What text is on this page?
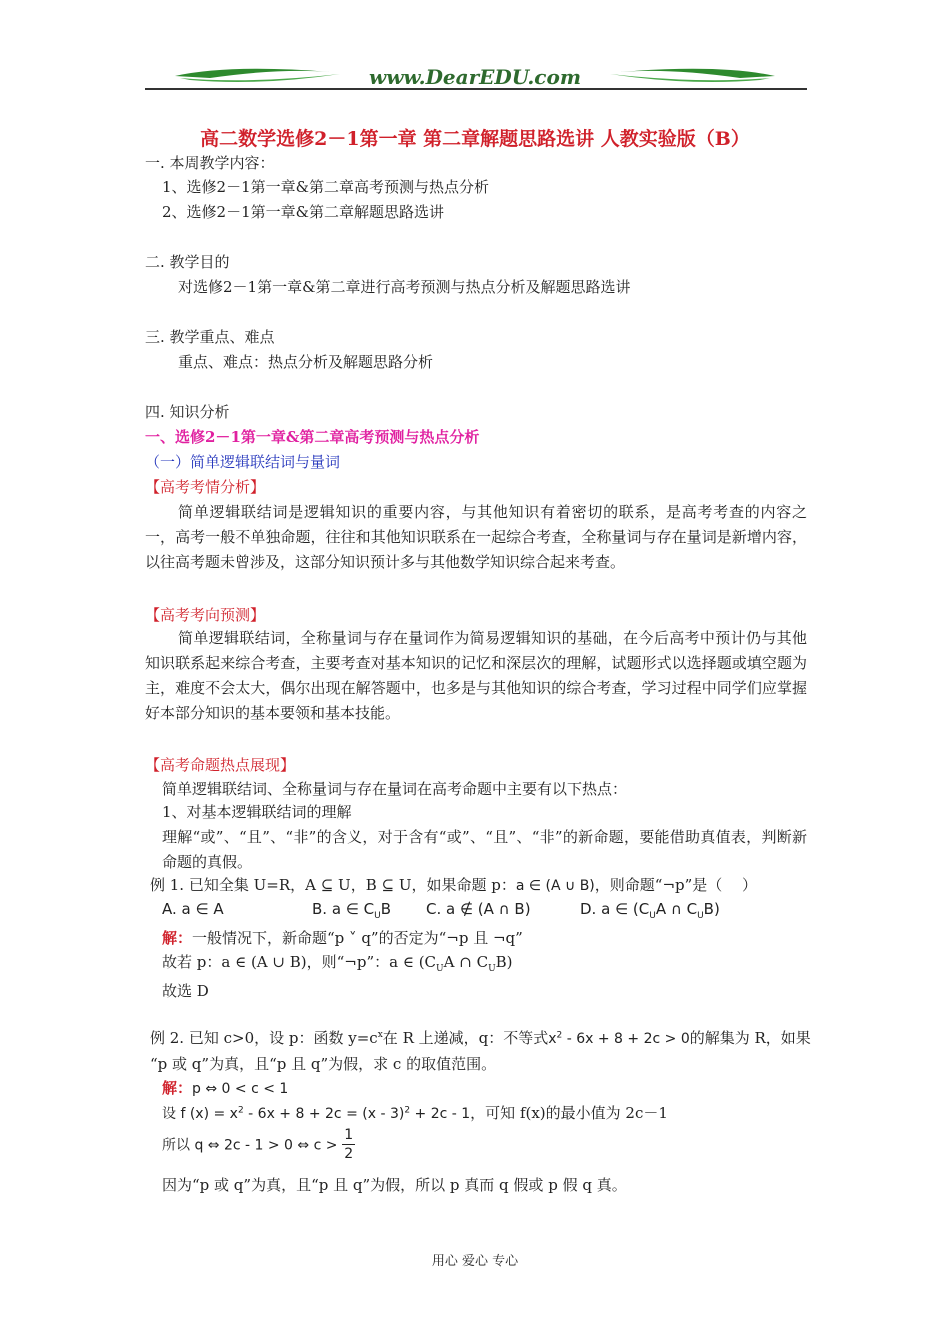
www.DearEDU.com
高二数学选修2－1第一章 第二章解题思路选讲 人教实验版（B）
一. 本周教学内容：
1、选修2－1第一章&第二章高考预测与热点分析
2、选修2－1第一章&第二章解题思路选讲
二. 教学目的
对选修2－1第一章&第二章进行高考预测与热点分析及解题思路选讲
三. 教学重点、难点
重点、难点：热点分析及解题思路分析
四. 知识分析
一、选修2－1第一章&第二章高考预测与热点分析
（一）简单逻辑联结词与量词
【高考考情分析】
简单逻辑联结词是逻辑知识的重要内容，与其他知识有着密切的联系，是高考考查的内容之一，高考一般不单独命题，往往和其他知识联系在一起综合考查，全称量词与存在量词是新增内容，以往高考题未曾涉及，这部分知识预计多与其他数学知识综合起来考查。
【高考考向预测】
简单逻辑联结词，全称量词与存在量词作为简易逻辑知识的基础，在今后高考中预计仍与其他知识联系起来综合考查，主要考查对基本知识的记忆和深层次的理解，试题形式以选择题或填空题为主，难度不会太大，偶尔出现在解答题中，也多是与其他知识的综合考查，学习过程中同学们应掌握好本部分知识的基本要领和基本技能。
【高考命题热点展现】
简单逻辑联结词、全称量词与存在量词在高考命题中主要有以下热点：
1、对基本逻辑联结词的理解
理解“或”、“且”、“非”的含义，对于含有“或”、“且”、“非”的新命题，要能借助真值表，判断新命题的真假。
例 1. 已知全集 U=R，A ⊆ U，B ⊆ U，如果命题 p：a ∈ (A ∪ B)，则命题“¬p”是（　 ）
A. a ∈ A	B. a ∈ $C_UB$ C. a ∉ (A ∩ B)	D. a ∈ ($C_UA$ ∩ $C_UB$)
解：一般情况下，新命题“p ˅ q”的否定为“¬p 且 ¬q”
故若 p：a ∈ (A ∪ B)，则“¬p”：a ∈ ($C_UA$ ∩ $C_UB$)
故选 D
例 2. 已知 c>0，设 p：函数 $y=c^x$在 R 上递减，q：不等式$x^2 - 6x + 8 + 2c > 0$的解集为 R，如果
“p 或 q”为真，且“p 且 q”为假，求 c 的取值范围。
解：p ⇔ 0 < c < 1
设 f $(x) = x^2 - 6x + 8 + 2c = (x - 3)^2 + 2c - 1$，可知 f(x)的最小值为 2c－1
所以 q ⇔ 2c - 1 > 0 ⇔ $c > \frac{1}{2}$
因为“p 或 q”为真，且“p 且 q”为假，所以 p 真而 q 假或 p 假 q 真。
用心 爱心 专心
